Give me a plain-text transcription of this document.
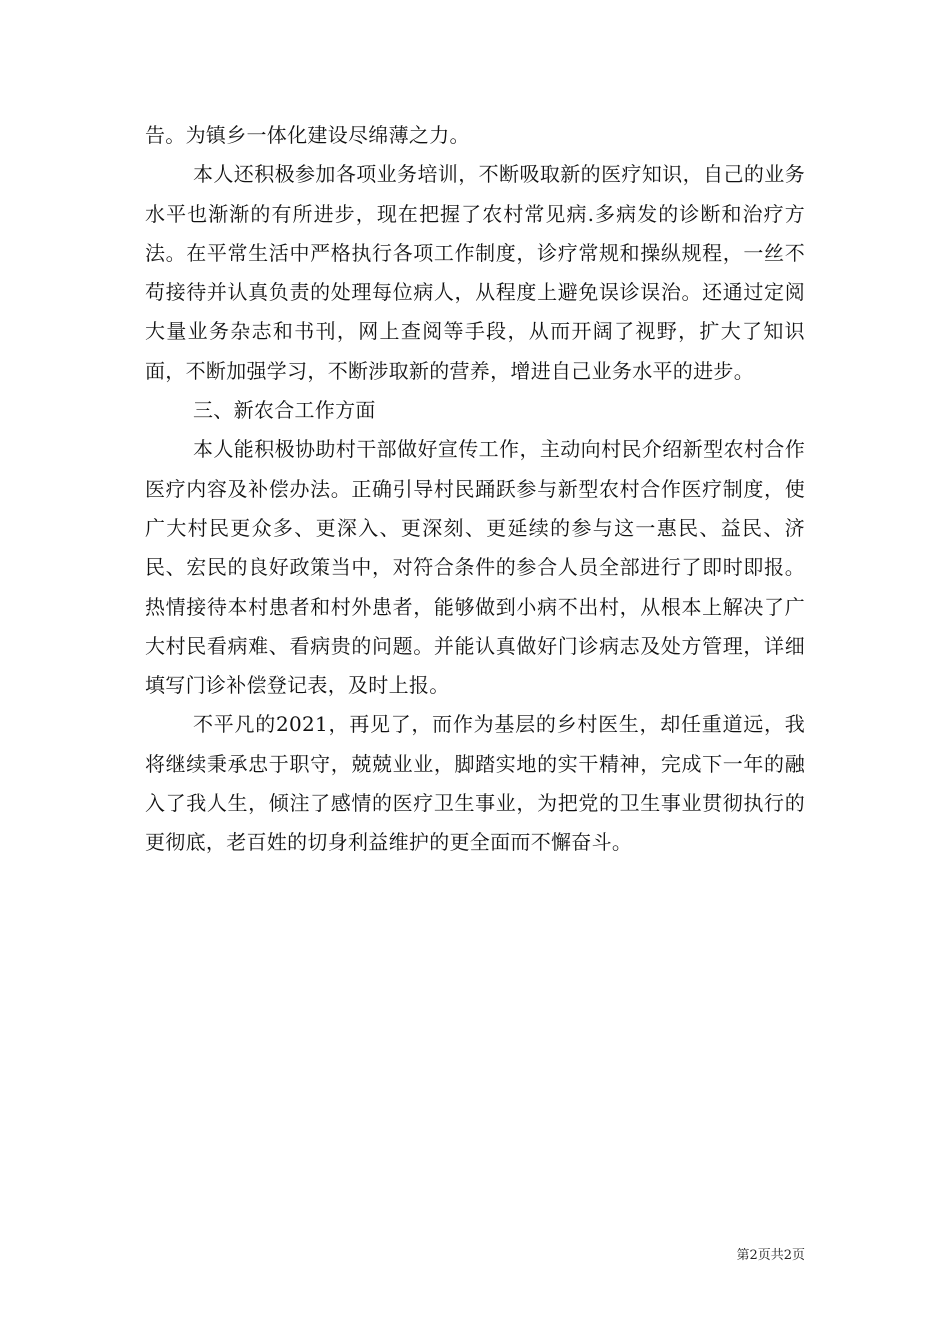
告。为镇乡一体化建设尽绵薄之力。

本人还积极参加各项业务培训，不断吸取新的医疗知识，自己的业务水平也渐渐的有所进步，现在把握了农村常见病.多病发的诊断和治疗方法。在平常生活中严格执行各项工作制度，诊疗常规和操纵规程，一丝不苟接待并认真负责的处理每位病人，从程度上避免误诊误治。还通过定阅大量业务杂志和书刊，网上查阅等手段，从而开阔了视野，扩大了知识面，不断加强学习，不断涉取新的营养，增进自己业务水平的进步。

三、新农合工作方面

本人能积极协助村干部做好宣传工作，主动向村民介绍新型农村合作医疗内容及补偿办法。正确引导村民踊跃参与新型农村合作医疗制度，使广大村民更众多、更深入、更深刻、更延续的参与这一惠民、益民、济民、宏民的良好政策当中，对符合条件的参合人员全部进行了即时即报。热情接待本村患者和村外患者，能够做到小病不出村，从根本上解决了广大村民看病难、看病贵的问题。并能认真做好门诊病志及处方管理，详细填写门诊补偿登记表，及时上报。

不平凡的2021，再见了，而作为基层的乡村医生，却任重道远，我将继续秉承忠于职守，兢兢业业，脚踏实地的实干精神，完成下一年的融入了我人生，倾注了感情的医疗卫生事业，为把党的卫生事业贯彻执行的更彻底，老百姓的切身利益维护的更全面而不懈奋斗。

第2页共2页
